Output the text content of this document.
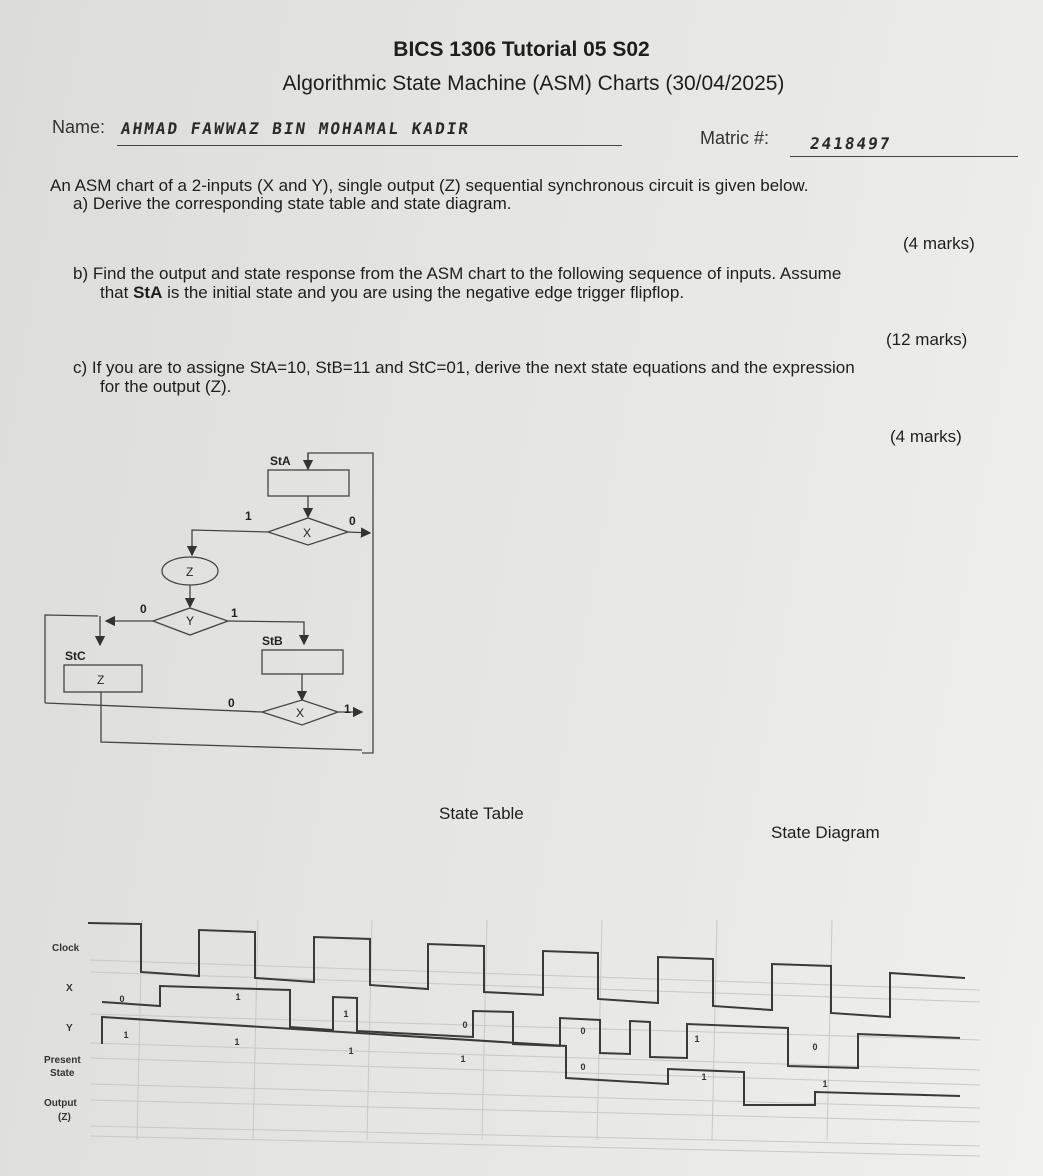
BICS 1306 Tutorial 05 S02
Algorithmic State Machine (ASM) Charts (30/04/2025)
Name: AHMAD FAWWAZ BIN MOHAMAL KADIR	Matric #: 2418497
An ASM chart of a 2-inputs (X and Y), single output (Z) sequential synchronous circuit is given below.
a) Derive the corresponding state table and state diagram.
(4 marks)
b) Find the output and state response from the ASM chart to the following sequence of inputs. Assume
that StA is the initial state and you are using the negative edge trigger flipflop.
(12 marks)
c) If you are to assigne StA=10, StB=11 and StC=01, derive the next state equations and the expression
for the output (Z).
(4 marks)
StA
StB
StC
Z
Z
X
1	0
Y
0	1
X
0	1
State Table
State Diagram
0	1
1
0
0
1
0
1
1
1
1
0
1
1
Clock
X
Y
Present
State
Output
(Z)
